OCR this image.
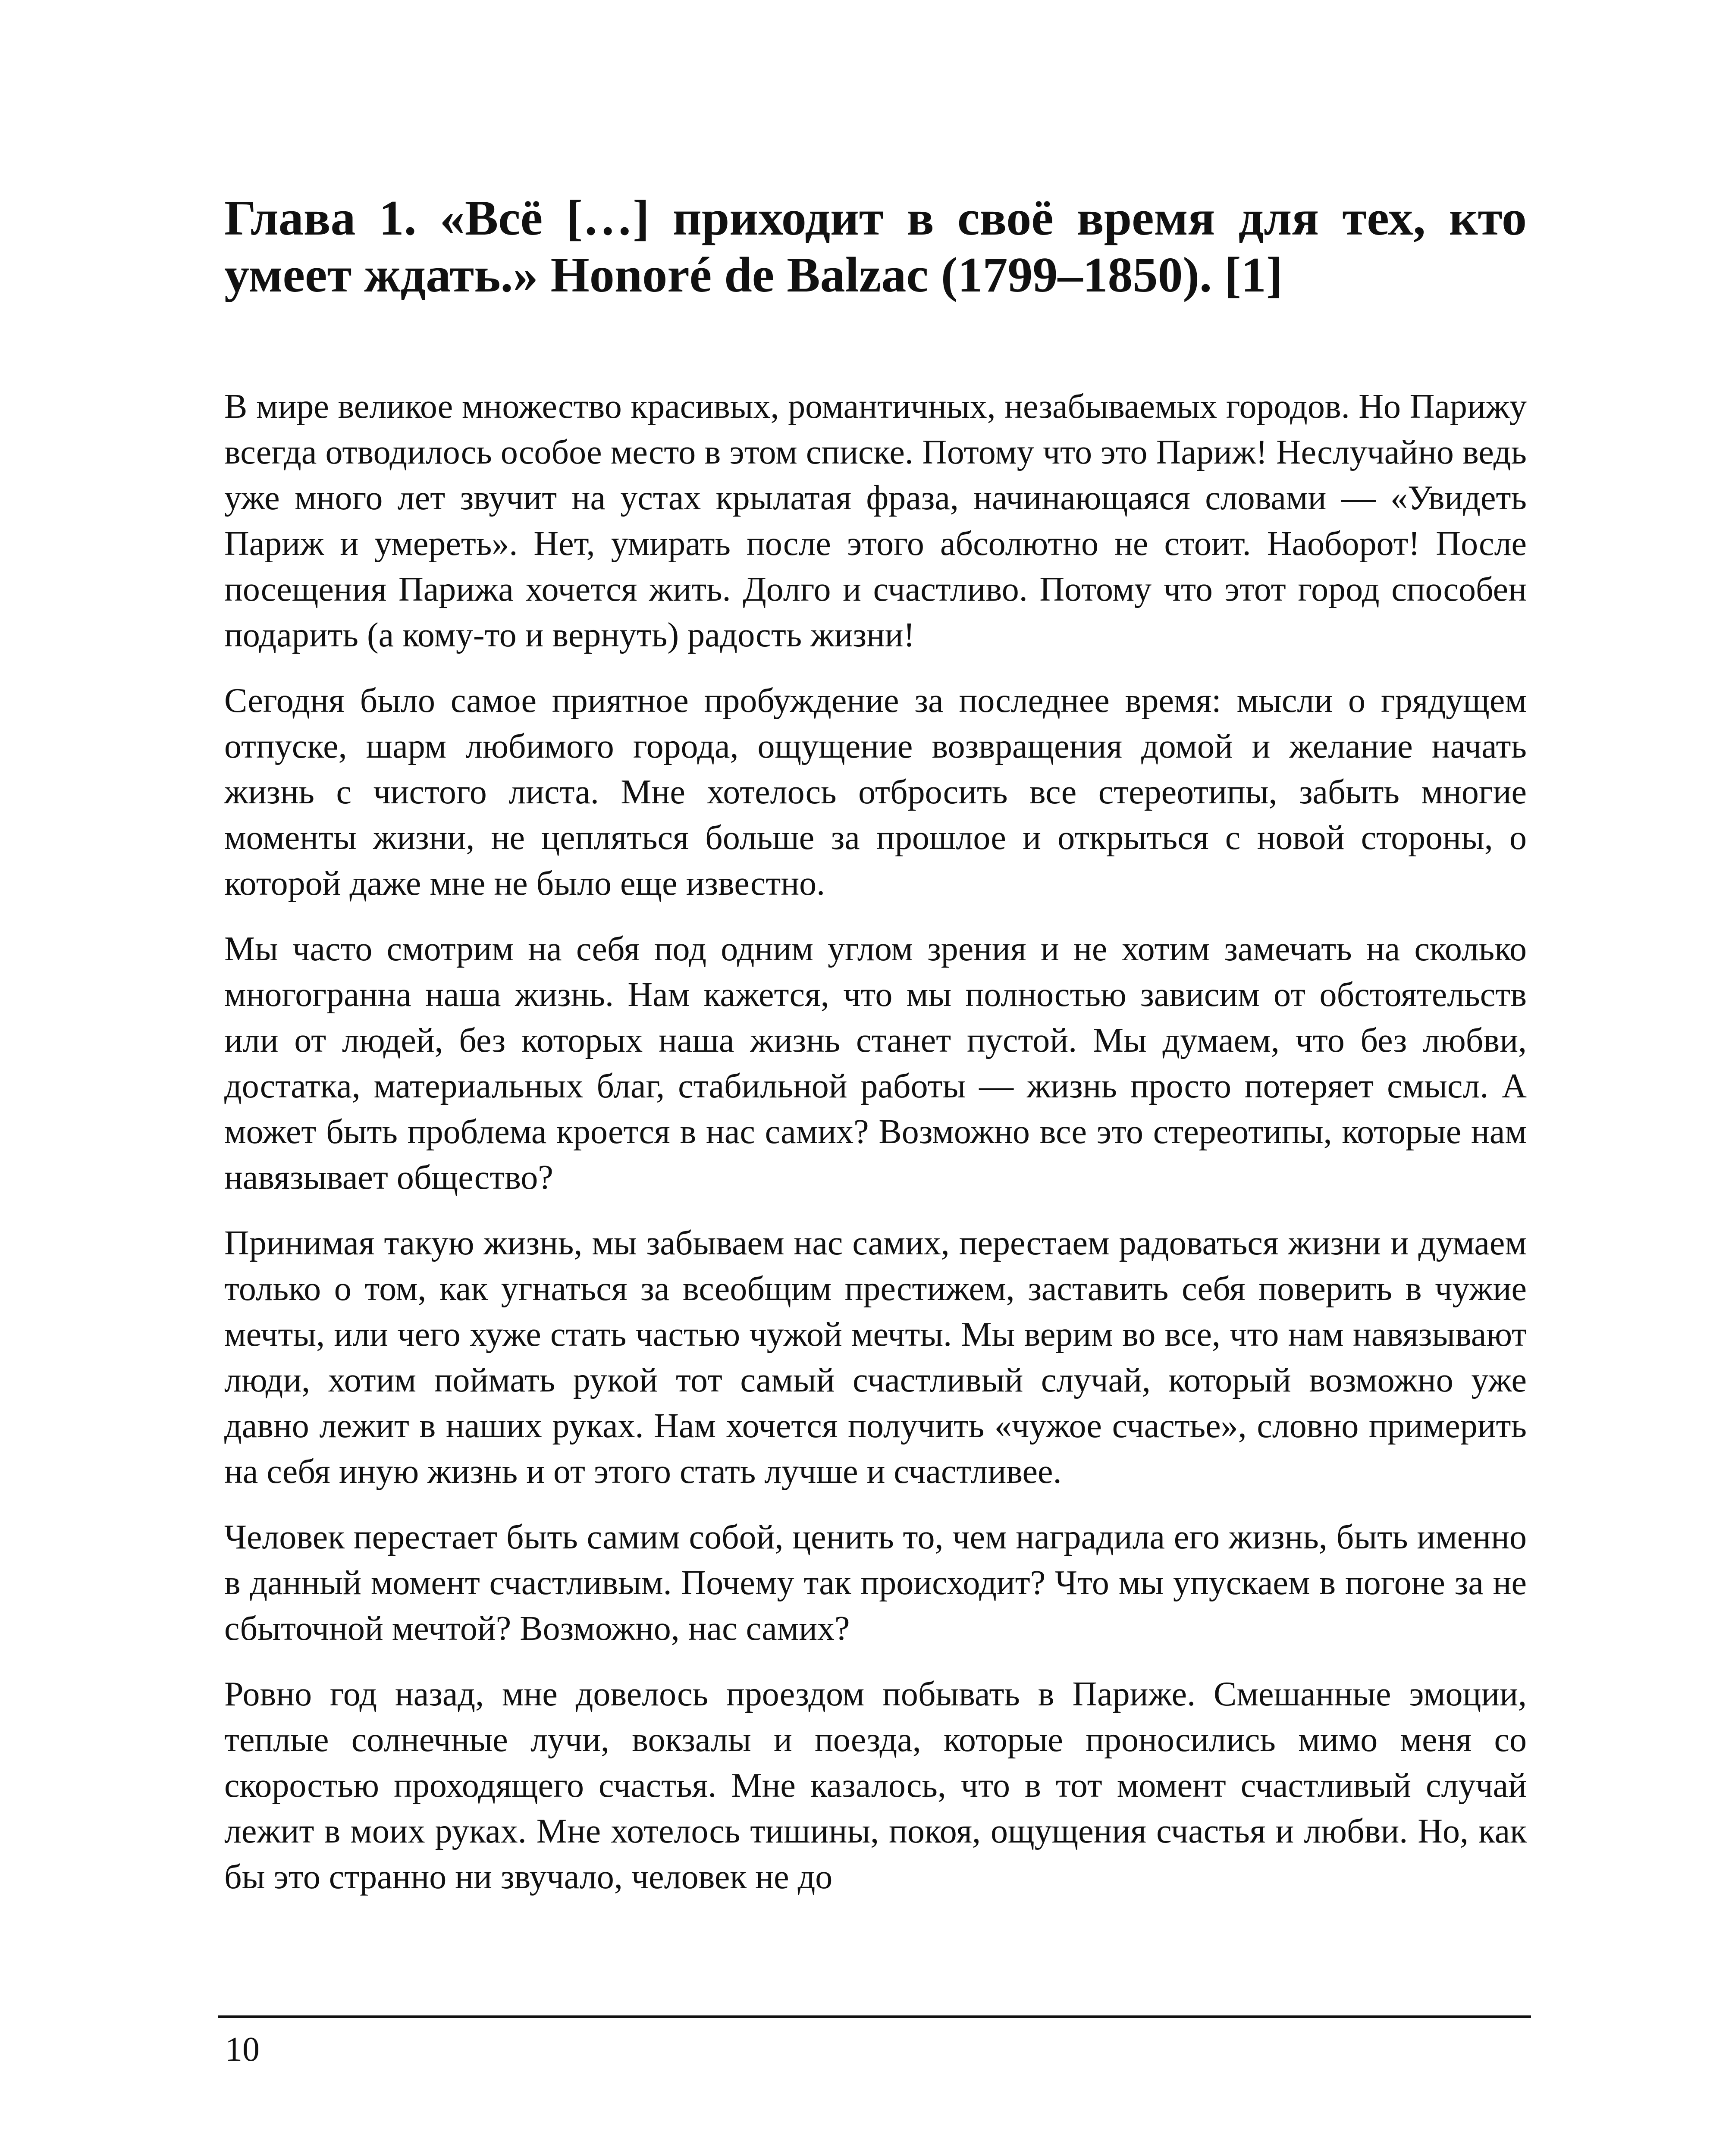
Глава 1. «Всё […] приходит в своё время для тех, кто умеет ждать.» Honoré de Balzac (1799–1850). [1]

В мире великое множество красивых, романтичных, незабываемых городов. Но Парижу всегда отводилось особое место в этом списке. Потому что это Париж! Неслучайно ведь уже много лет звучит на устах крылатая фраза, начинающаяся словами — «Увидеть Париж и умереть». Нет, умирать после этого абсолютно не стоит. Наоборот! После посещения Парижа хочется жить. Долго и счастливо. Потому что этот город способен подарить (а кому-то и вернуть) радость жизни!

Сегодня было самое приятное пробуждение за последнее время: мысли о грядущем отпуске, шарм любимого города, ощущение возвращения домой и желание начать жизнь с чистого листа. Мне хотелось отбросить все стереотипы, забыть многие моменты жизни, не цепляться больше за прошлое и открыться с новой стороны, о которой даже мне не было еще известно.

Мы часто смотрим на себя под одним углом зрения и не хотим замечать на сколько многогранна наша жизнь. Нам кажется, что мы полностью зависим от обстоятельств или от людей, без которых наша жизнь станет пустой. Мы думаем, что без любви, достатка, материальных благ, стабильной работы — жизнь просто потеряет смысл. А может быть проблема кроется в нас самих? Возможно все это стереотипы, которые нам навязывает общество?

Принимая такую жизнь, мы забываем нас самих, перестаем радоваться жизни и думаем только о том, как угнаться за всеобщим престижем, заставить себя поверить в чужие мечты, или чего хуже стать частью чужой мечты. Мы верим во все, что нам навязывают люди, хотим поймать рукой тот самый счастливый случай, который возможно уже давно лежит в наших руках. Нам хочется получить «чужое счастье», словно примерить на себя иную жизнь и от этого стать лучше и счастливее.

Человек перестает быть самим собой, ценить то, чем наградила его жизнь, быть именно в данный момент счастливым. Почему так происходит? Что мы упускаем в погоне за не сбыточной мечтой? Возможно, нас самих?

Ровно год назад, мне довелось проездом побывать в Париже. Смешанные эмоции, теплые солнечные лучи, вокзалы и поезда, которые проносились мимо меня со скоростью проходящего счастья. Мне казалось, что в тот момент счастливый случай лежит в моих руках. Мне хотелось тишины, покоя, ощущения счастья и любви. Но, как бы это странно ни звучало, человек не до

10
